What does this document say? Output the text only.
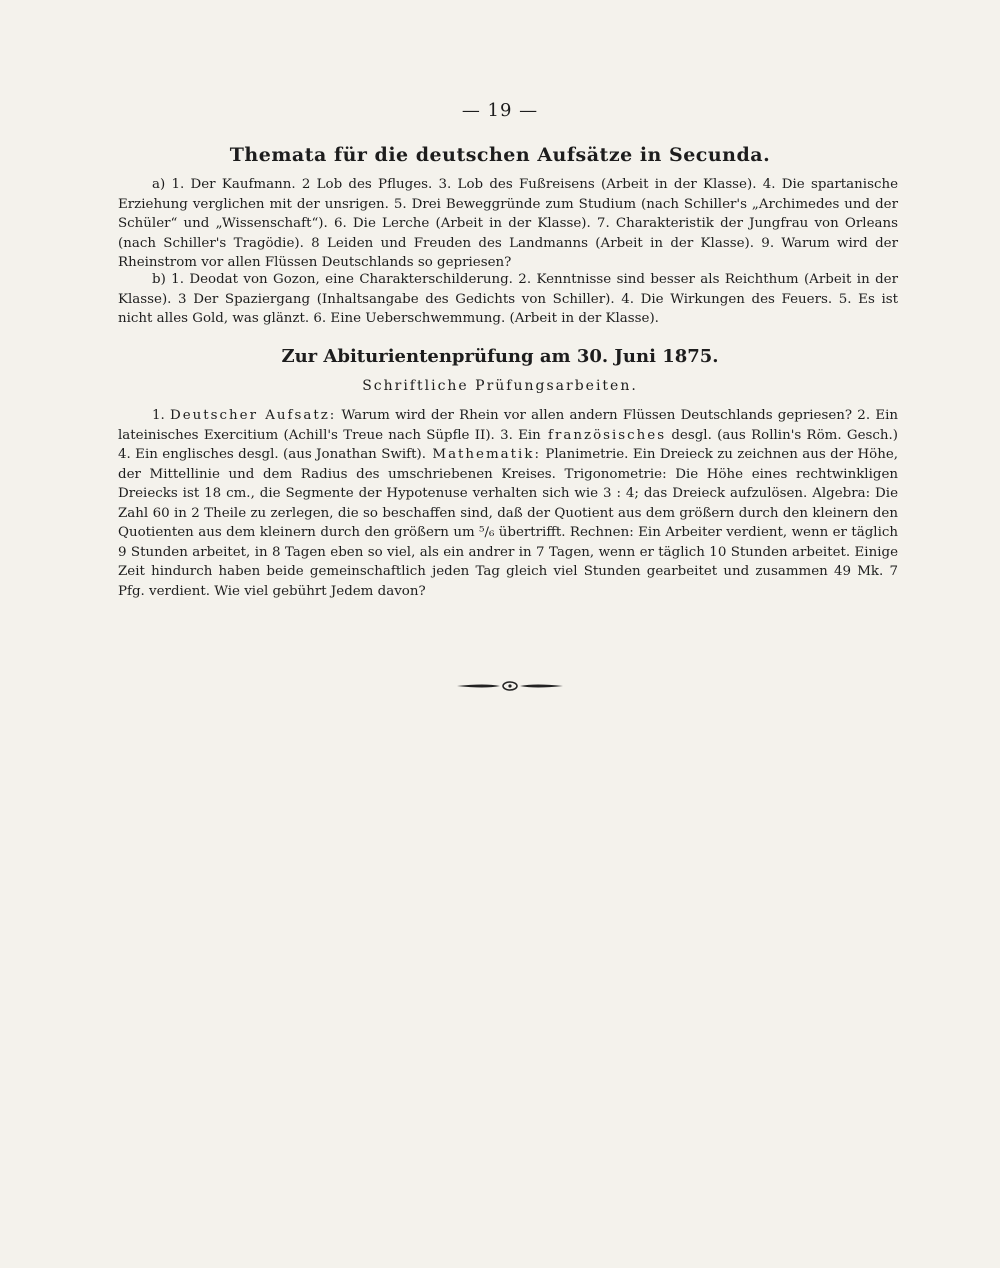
— 19 —
Themata für die deutschen Aufsätze in Secunda.

a) 1. Der Kaufmann. 2 Lob des Pfluges. 3. Lob des Fußreisens (Arbeit in der Klasse). 4. Die spartanische Erziehung verglichen mit der unsrigen. 5. Drei Beweggründe zum Studium (nach Schiller's „Archimedes und der Schüler“ und „Wissenschaft“). 6. Die Lerche (Arbeit in der Klasse). 7. Charakteristik der Jungfrau von Orleans (nach Schiller's Tragödie). 8 Leiden und Freuden des Landmanns (Arbeit in der Klasse). 9. Warum wird der Rheinstrom vor allen Flüssen Deutschlands so gepriesen?

b) 1. Deodat von Gozon, eine Charakterschilderung. 2. Kenntnisse sind besser als Reichthum (Arbeit in der Klasse). 3 Der Spaziergang (Inhaltsangabe des Gedichts von Schiller). 4. Die Wirkungen des Feuers. 5. Es ist nicht alles Gold, was glänzt. 6. Eine Ueberschwemmung. (Arbeit in der Klasse).

Zur Abiturientenprüfung am 30. Juni 1875.
Schriftliche Prüfungsarbeiten.

1. Deutscher Aufsatz: Warum wird der Rhein vor allen andern Flüssen Deutschlands gepriesen? 2. Ein lateinisches Exercitium (Achill's Treue nach Süpfle II). 3. Ein französisches desgl. (aus Rollin's Röm. Gesch.) 4. Ein englisches desgl. (aus Jonathan Swift). Mathematik: Planimetrie. Ein Dreieck zu zeichnen aus der Höhe, der Mittellinie und dem Radius des umschriebenen Kreises. Trigonometrie: Die Höhe eines rechtwinkligen Dreiecks ist 18 cm., die Segmente der Hypotenuse verhalten sich wie 3 : 4; das Dreieck aufzulösen. Algebra: Die Zahl 60 in 2 Theile zu zerlegen, die so beschaffen sind, daß der Quotient aus dem größern durch den kleinern den Quotienten aus dem kleinern durch den größern um ⁵/₆ übertrifft. Rechnen: Ein Arbeiter verdient, wenn er täglich 9 Stunden arbeitet, in 8 Tagen eben so viel, als ein andrer in 7 Tagen, wenn er täglich 10 Stunden arbeitet. Einige Zeit hindurch haben beide gemeinschaftlich jeden Tag gleich viel Stunden gearbeitet und zusammen 49 Mk. 7 Pfg. verdient. Wie viel gebührt Jedem davon?
